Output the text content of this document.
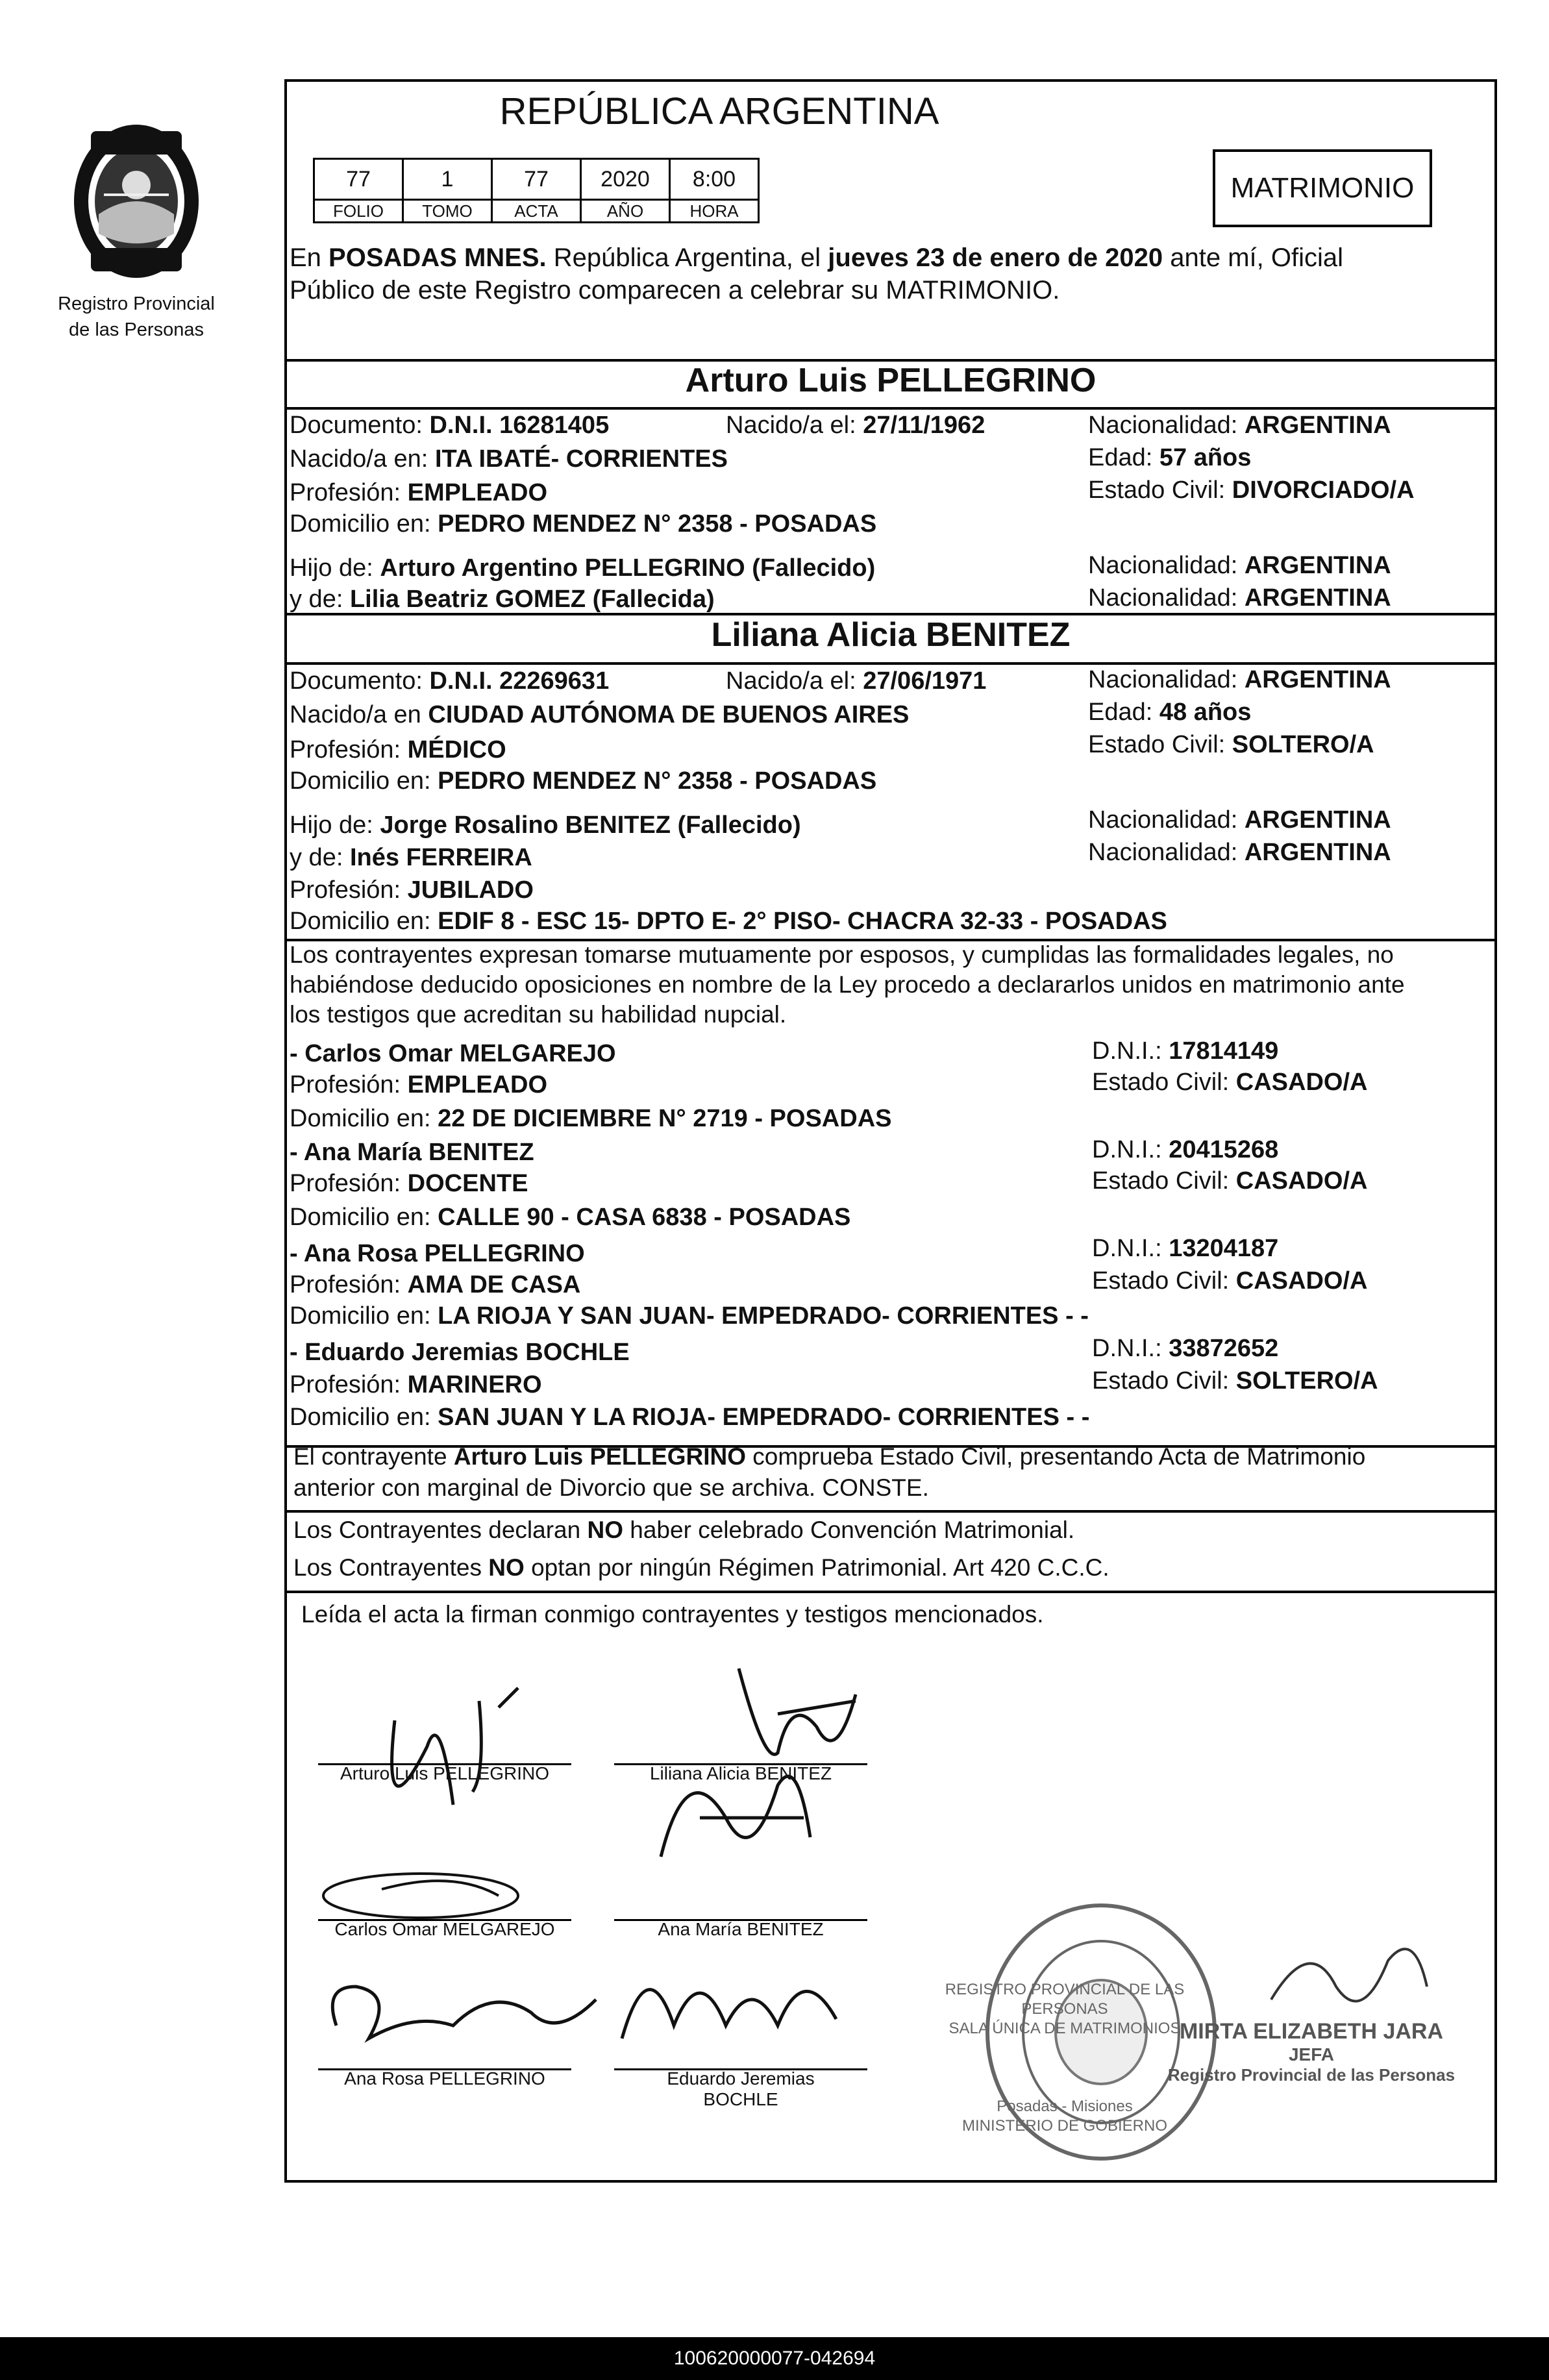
Registro Provincial
de las Personas
REPÚBLICA ARGENTINA
77	1	77	2020	8:00
FOLIO	TOMO	ACTA	AÑO	HORA
MATRIMONIO
En POSADAS MNES. República Argentina, el jueves 23 de enero de 2020 ante mí, Oficial
Público de este Registro comparecen a celebrar su MATRIMONIO.
Arturo Luis PELLEGRINO
Documento: D.N.I. 16281405	Nacido/a el: 27/11/1962	Nacionalidad: ARGENTINA
Nacido/a en: ITA IBATÉ- CORRIENTES	Edad: 57 años
Profesión: EMPLEADO	Estado Civil: DIVORCIADO/A
Domicilio en: PEDRO MENDEZ N° 2358 - POSADAS
Hijo de: Arturo Argentino PELLEGRINO (Fallecido)	Nacionalidad: ARGENTINA
y de: Lilia Beatriz GOMEZ (Fallecida)	Nacionalidad: ARGENTINA
Liliana Alicia BENITEZ
Documento: D.N.I. 22269631	Nacido/a el: 27/06/1971	Nacionalidad: ARGENTINA
Nacido/a en CIUDAD AUTÓNOMA DE BUENOS AIRES	Edad: 48 años
Profesión: MÉDICO	Estado Civil: SOLTERO/A
Domicilio en: PEDRO MENDEZ N° 2358 - POSADAS
Hijo de: Jorge Rosalino BENITEZ (Fallecido)	Nacionalidad: ARGENTINA
y de: Inés FERREIRA	Nacionalidad: ARGENTINA
Profesión: JUBILADO
Domicilio en: EDIF 8 - ESC 15- DPTO E- 2° PISO- CHACRA 32-33 - POSADAS
Los contrayentes expresan tomarse mutuamente por esposos, y cumplidas las formalidades legales, no
habiéndose deducido oposiciones en nombre de la Ley procedo a declararlos unidos en matrimonio ante
los testigos que acreditan su habilidad nupcial.
- Carlos Omar MELGAREJO	D.N.I.: 17814149
Profesión: EMPLEADO	Estado Civil: CASADO/A
Domicilio en: 22 DE DICIEMBRE N° 2719 - POSADAS
- Ana María BENITEZ	D.N.I.: 20415268
Profesión: DOCENTE	Estado Civil: CASADO/A
Domicilio en: CALLE 90 - CASA 6838 - POSADAS
- Ana Rosa PELLEGRINO	D.N.I.: 13204187
Profesión: AMA DE CASA	Estado Civil: CASADO/A
Domicilio en: LA RIOJA Y SAN JUAN- EMPEDRADO- CORRIENTES - -
- Eduardo Jeremias BOCHLE	D.N.I.: 33872652
Profesión: MARINERO	Estado Civil: SOLTERO/A
Domicilio en: SAN JUAN Y LA RIOJA- EMPEDRADO- CORRIENTES - -
El contrayente Arturo Luis PELLEGRINO comprueba Estado Civil, presentando Acta de Matrimonio
anterior con marginal de Divorcio que se archiva. CONSTE.
Los Contrayentes declaran NO haber celebrado Convención Matrimonial.
Los Contrayentes NO optan por ningún Régimen Patrimonial. Art 420 C.C.C.
Leída el acta la firman conmigo contrayentes y testigos mencionados.
Arturo Luis PELLEGRINO	Liliana Alicia BENITEZ
Carlos Omar MELGAREJO	Ana María BENITEZ
Ana Rosa PELLEGRINO	Eduardo Jeremias
BOCHLE
MIRTA ELIZABETH JARA
JEFA
Registro Provincial de las Personas
REGISTRO PROVINCIAL DE LAS PERSONAS
SALA ÚNICA DE MATRIMONIOS
Posadas - Misiones
MINISTERIO DE GOBIERNO
100620000077-042694
